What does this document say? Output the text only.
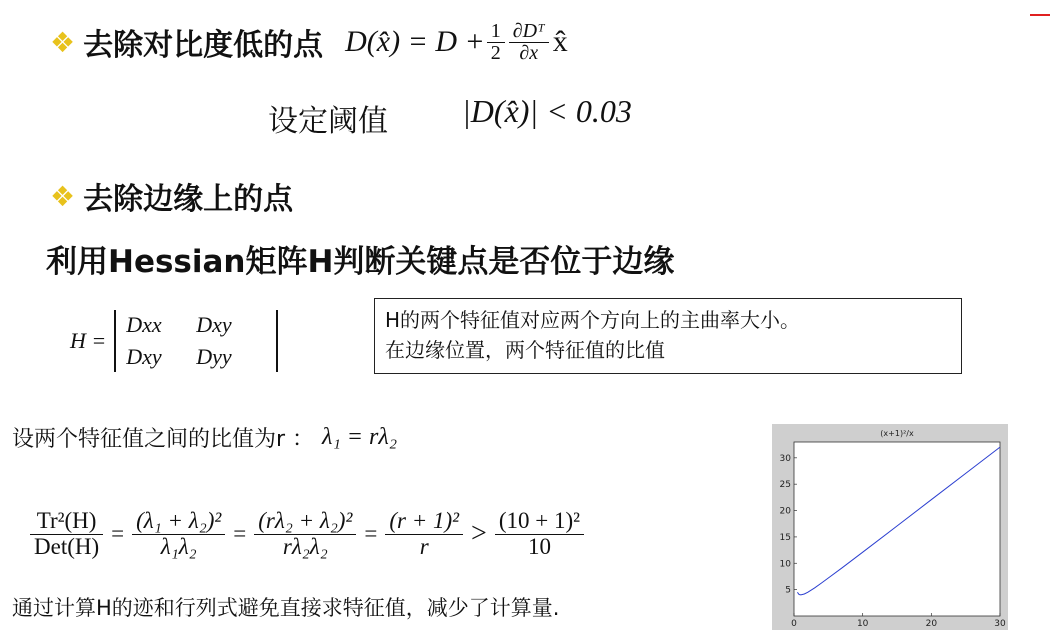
❖ 去除对比度低的点 D(x̂) = $D + \frac{1}{2} \frac{\text{∂Dᵀ}}{\partial x}$ x̂
设定阈值 |D(x̂)| < 0.03
❖ 去除边缘上的点
利用Hessian矩阵H判断关键点是否位于边缘
H =
Dxx	Dxy
Dxy	Dyy
H的两个特征值对应两个方向上的主曲率大小。
在边缘位置，两个特征值的比值
设两个特征值之间的比值为r ： λ₁ = rλ₂
$\frac{\text{Tr²(H)}}{\text{Det(H)}} = \frac{\text{(λ₁ + λ₂)²}}{\text{λ₁λ₂}} = \frac{\text{(rλ₂ + λ₂)²}}{\text{rλ₂λ₂}} = \frac{\text{(r + 1)²}}{r} > \frac{\text{(10 + 1)²}}{10}$
通过计算H的迹和行列式避免直接求特征值，减少了计算量.
(x+1)²/x
0	10	20	30
5
10
15
20
25
30
